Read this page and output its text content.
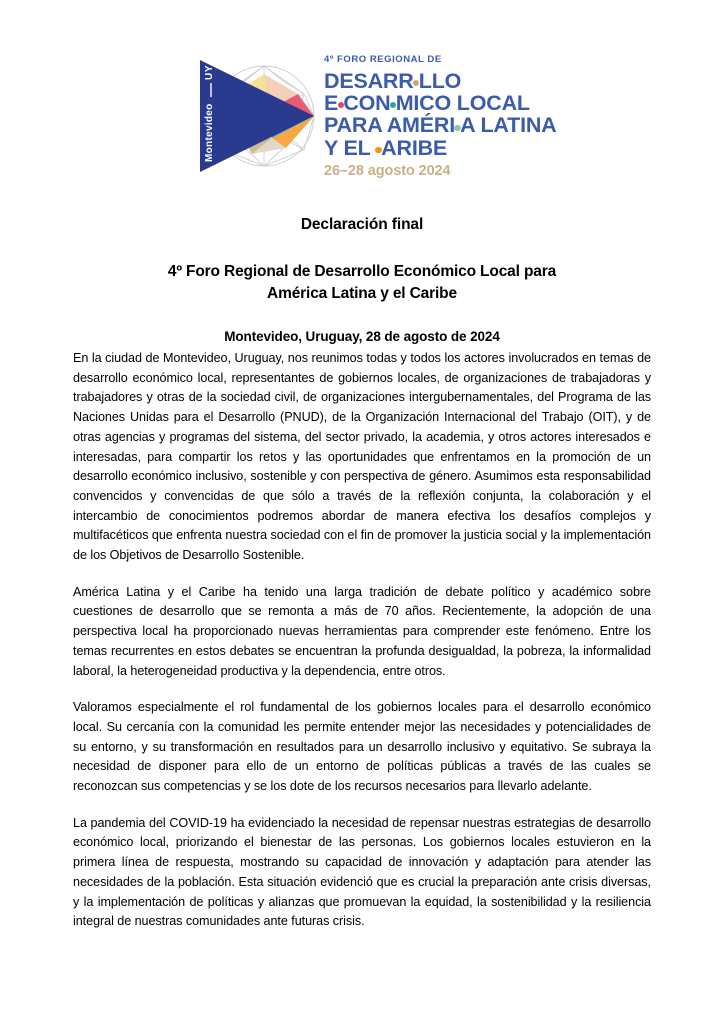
Montevideo
UY
4º FORO REGIONAL DE
DESARR LLO
E CON MICO LOCAL
PARA AMÉRI A LATINA
Y EL ARIBE
26–28 agosto 2024

Declaración final

4º Foro Regional de Desarrollo Económico Local para
América Latina y el Caribe

Montevideo, Uruguay, 28 de agosto de 2024

En la ciudad de Montevideo, Uruguay, nos reunimos todas y todos los actores involucrados en temas de desarrollo económico local, representantes de gobiernos locales, de organizaciones de trabajadoras y trabajadores y otras de la sociedad civil, de organizaciones intergubernamentales, del Programa de las Naciones Unidas para el Desarrollo (PNUD), de la Organización Internacional del Trabajo (OIT), y de otras agencias y programas del sistema, del sector privado, la academia, y otros actores interesados e interesadas, para compartir los retos y las oportunidades que enfrentamos en la promoción de un desarrollo económico inclusivo, sostenible y con perspectiva de género. Asumimos esta responsabilidad convencidos y convencidas de que sólo a través de la reflexión conjunta, la colaboración y el intercambio de conocimientos podremos abordar de manera efectiva los desafíos complejos y multifacéticos que enfrenta nuestra sociedad con el fin de promover la justicia social y la implementación de los Objetivos de Desarrollo Sostenible.

América Latina y el Caribe ha tenido una larga tradición de debate político y académico sobre cuestiones de desarrollo que se remonta a más de 70 años. Recientemente, la adopción de una perspectiva local ha proporcionado nuevas herramientas para comprender este fenómeno. Entre los temas recurrentes en estos debates se encuentran la profunda desigualdad, la pobreza, la informalidad laboral, la heterogeneidad productiva y la dependencia, entre otros.

Valoramos especialmente el rol fundamental de los gobiernos locales para el desarrollo económico local. Su cercanía con la comunidad les permite entender mejor las necesidades y potencialidades de su entorno, y su transformación en resultados para un desarrollo inclusivo y equitativo. Se subraya la necesidad de disponer para ello de un entorno de políticas públicas a través de las cuales se reconozcan sus competencias y se los dote de los recursos necesarios para llevarlo adelante.

La pandemia del COVID-19 ha evidenciado la necesidad de repensar nuestras estrategias de desarrollo económico local, priorizando el bienestar de las personas. Los gobiernos locales estuvieron en la primera línea de respuesta, mostrando su capacidad de innovación y adaptación para atender las necesidades de la población. Esta situación evidenció que es crucial la preparación ante crisis diversas, y la implementación de políticas y alianzas que promuevan la equidad, la sostenibilidad y la resiliencia integral de nuestras comunidades ante futuras crisis.
